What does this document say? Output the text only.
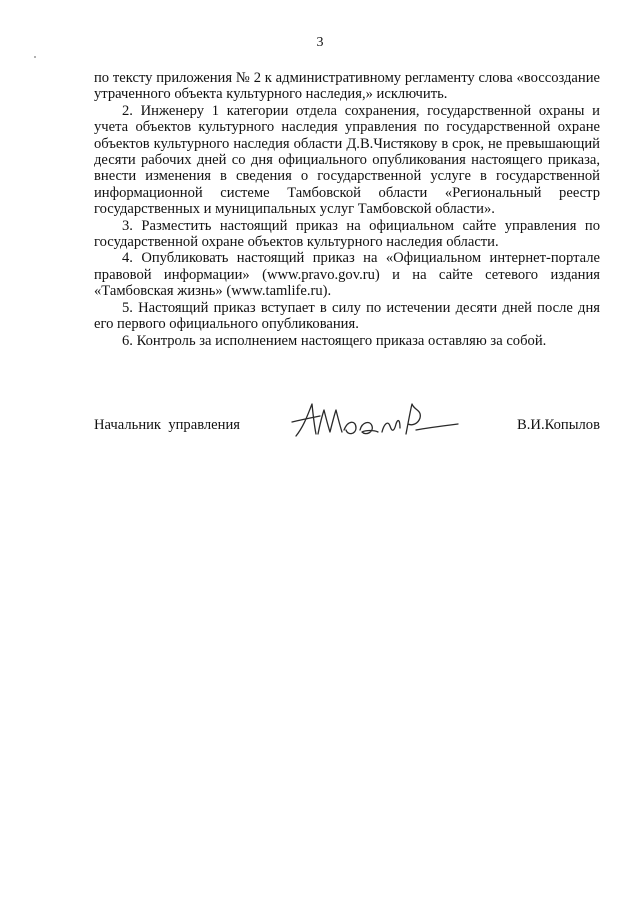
3

по тексту приложения № 2 к административному регламенту слова «воссоздание утраченного объекта культурного наследия,» исключить.

2. Инженеру 1 категории отдела сохранения, государственной охраны и учета объектов культурного наследия управления по государственной охране объектов культурного наследия области Д.В.Чистякову в срок, не превышающий десяти рабочих дней со дня официального опубликования настоящего приказа, внести изменения в сведения о государственной услуге в государственной информационной системе Тамбовской области «Региональный реестр государственных и муниципальных услуг Тамбовской области».

3. Разместить настоящий приказ на официальном сайте управления по государственной охране объектов культурного наследия области.

4. Опубликовать настоящий приказ на «Официальном интернет-портале правовой информации» (www.pravo.gov.ru) и на сайте сетевого издания «Тамбовская жизнь» (www.tamlife.ru).

5. Настоящий приказ вступает в силу по истечении десяти дней после дня его первого официального опубликования.

6. Контроль за исполнением настоящего приказа оставляю за собой.

Начальник  управления	В.И.Копылов
